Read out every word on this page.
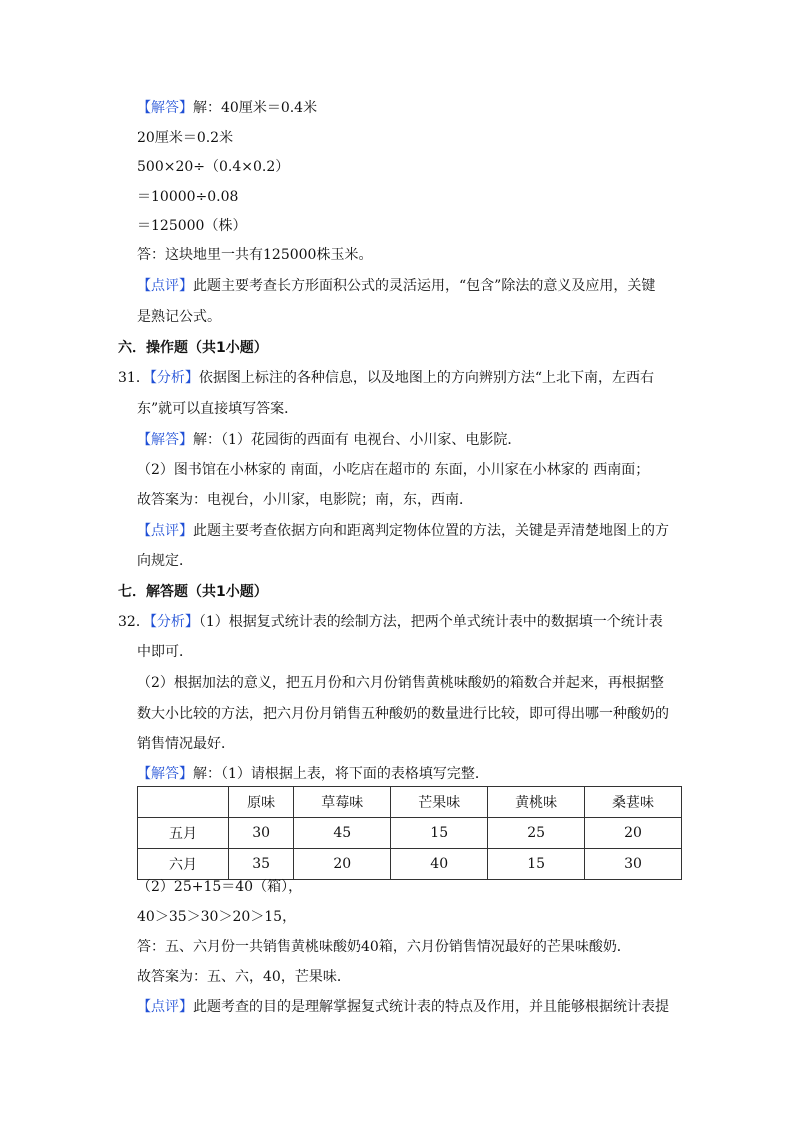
【解答】解：40厘米＝0.4米
20厘米＝0.2米
500×20÷（0.4×0.2）
＝10000÷0.08
＝125000（株）
答：这块地里一共有125000株玉米。
【点评】此题主要考查长方形面积公式的灵活运用，“包含”除法的意义及应用，关键
是熟记公式。
六．操作题（共1小题）
31．【分析】依据图上标注的各种信息，以及地图上的方向辨别方法“上北下南，左西右
东”就可以直接填写答案．
【解答】解：（1）花园街的西面有 电视台、小川家、电影院．
（2）图书馆在小林家的 南面，小吃店在超市的 东面，小川家在小林家的 西南面；
故答案为：电视台，小川家，电影院；南，东，西南．
【点评】此题主要考查依据方向和距离判定物体位置的方法，关键是弄清楚地图上的方
向规定．
七．解答题（共1小题）
32．【分析】（1）根据复式统计表的绘制方法，把两个单式统计表中的数据填一个统计表
中即可．
（2）根据加法的意义，把五月份和六月份销售黄桃味酸奶的箱数合并起来，再根据整
数大小比较的方法，把六月份月销售五种酸奶的数量进行比较，即可得出哪一种酸奶的
销售情况最好．
【解答】解：（1）请根据上表，将下面的表格填写完整．
	原味	草莓味	芒果味	黄桃味	桑葚味
五月	30	45	15	25	20
六月	35	20	40	15	30
（2）25+15＝40（箱），
40＞35＞30＞20＞15，
答：五、六月份一共销售黄桃味酸奶40箱，六月份销售情况最好的芒果味酸奶．
故答案为：五、六，40，芒果味．
【点评】此题考查的目的是理解掌握复式统计表的特点及作用，并且能够根据统计表提
